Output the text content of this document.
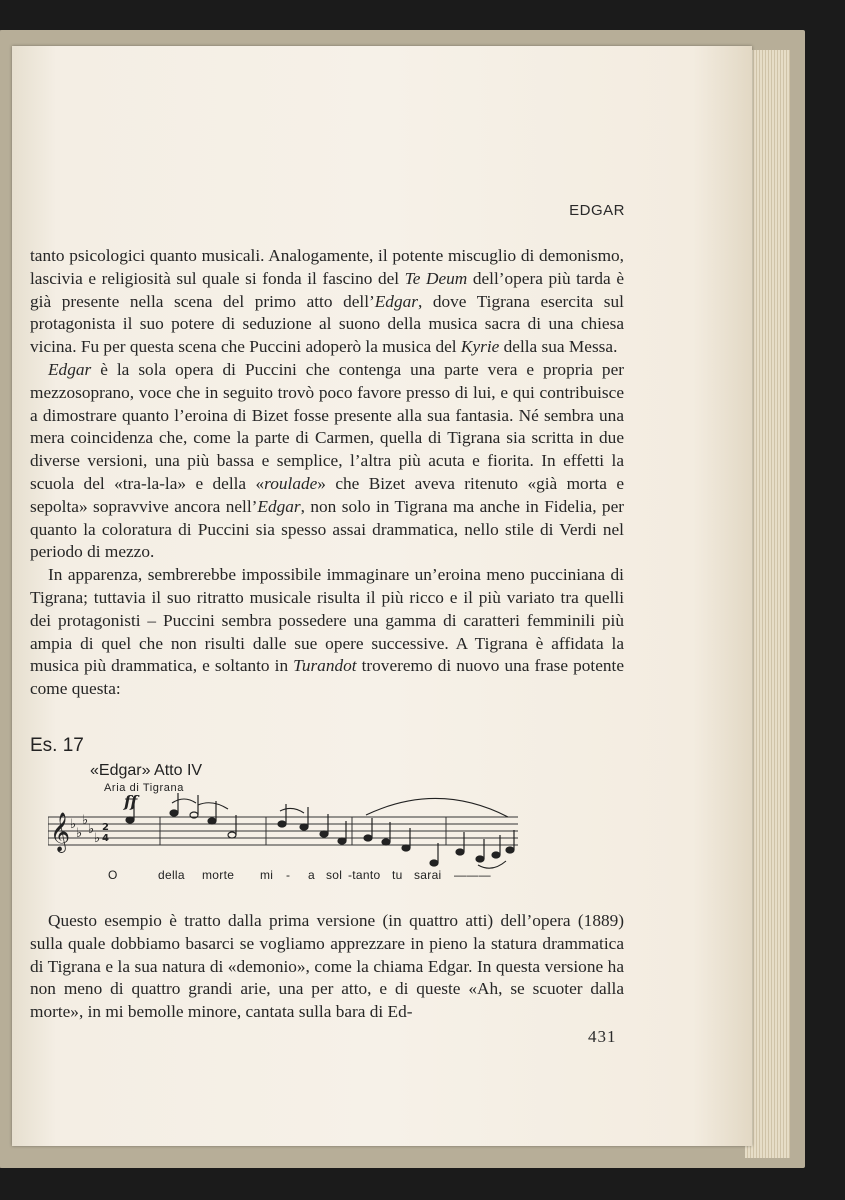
EDGAR

tanto psicologici quanto musicali. Analogamente, il potente miscuglio di demonismo, lascivia e religiosità sul quale si fonda il fascino del Te Deum dell’opera più tarda è già presente nella scena del primo atto dell’Edgar, dove Tigrana esercita sul protagonista il suo potere di seduzione al suono della musica sacra di una chiesa vicina. Fu per questa scena che Puccini adoperò la musica del Kyrie della sua Messa.

Edgar è la sola opera di Puccini che contenga una parte vera e propria per mezzosoprano, voce che in seguito trovò poco favore presso di lui, e qui contribuisce a dimostrare quanto l’eroina di Bizet fosse presente alla sua fantasia. Né sembra una mera coincidenza che, come la parte di Carmen, quella di Tigrana sia scritta in due diverse versioni, una più bassa e semplice, l’altra più acuta e fiorita. In effetti la scuola del «tra-la-la» e della «roulade» che Bizet aveva ritenuto «già morta e sepolta» sopravvive ancora nell’Edgar, non solo in Tigrana ma anche in Fidelia, per quanto la coloratura di Puccini sia spesso assai drammatica, nello stile di Verdi nel periodo di mezzo.

In apparenza, sembrerebbe impossibile immaginare un’eroina meno pucciniana di Tigrana; tuttavia il suo ritratto musicale risulta il più ricco e il più variato tra quelli dei protagonisti – Puccini sembra possedere una gamma di caratteri femminili più ampia di quel che non risulti dalle sue opere successive. A Tigrana è affidata la musica più drammatica, e soltanto in Turandot troveremo di nuovo una frase potente come questa:

Es. 17
«Edgar» Atto IV
Aria di Tigrana
𝄞 ♭
♭
♭
♭
♭
2
4
ff
O	della morte mi - a sol -tanto tu sarai ———

Questo esempio è tratto dalla prima versione (in quattro atti) dell’opera (1889) sulla quale dobbiamo basarci se vogliamo apprezzare in pieno la statura drammatica di Tigrana e la sua natura di «demonio», come la chiama Edgar. In questa versione ha non meno di quattro grandi arie, una per atto, e di queste «Ah, se scuoter dalla morte», in mi bemolle minore, cantata sulla bara di Ed-

431
